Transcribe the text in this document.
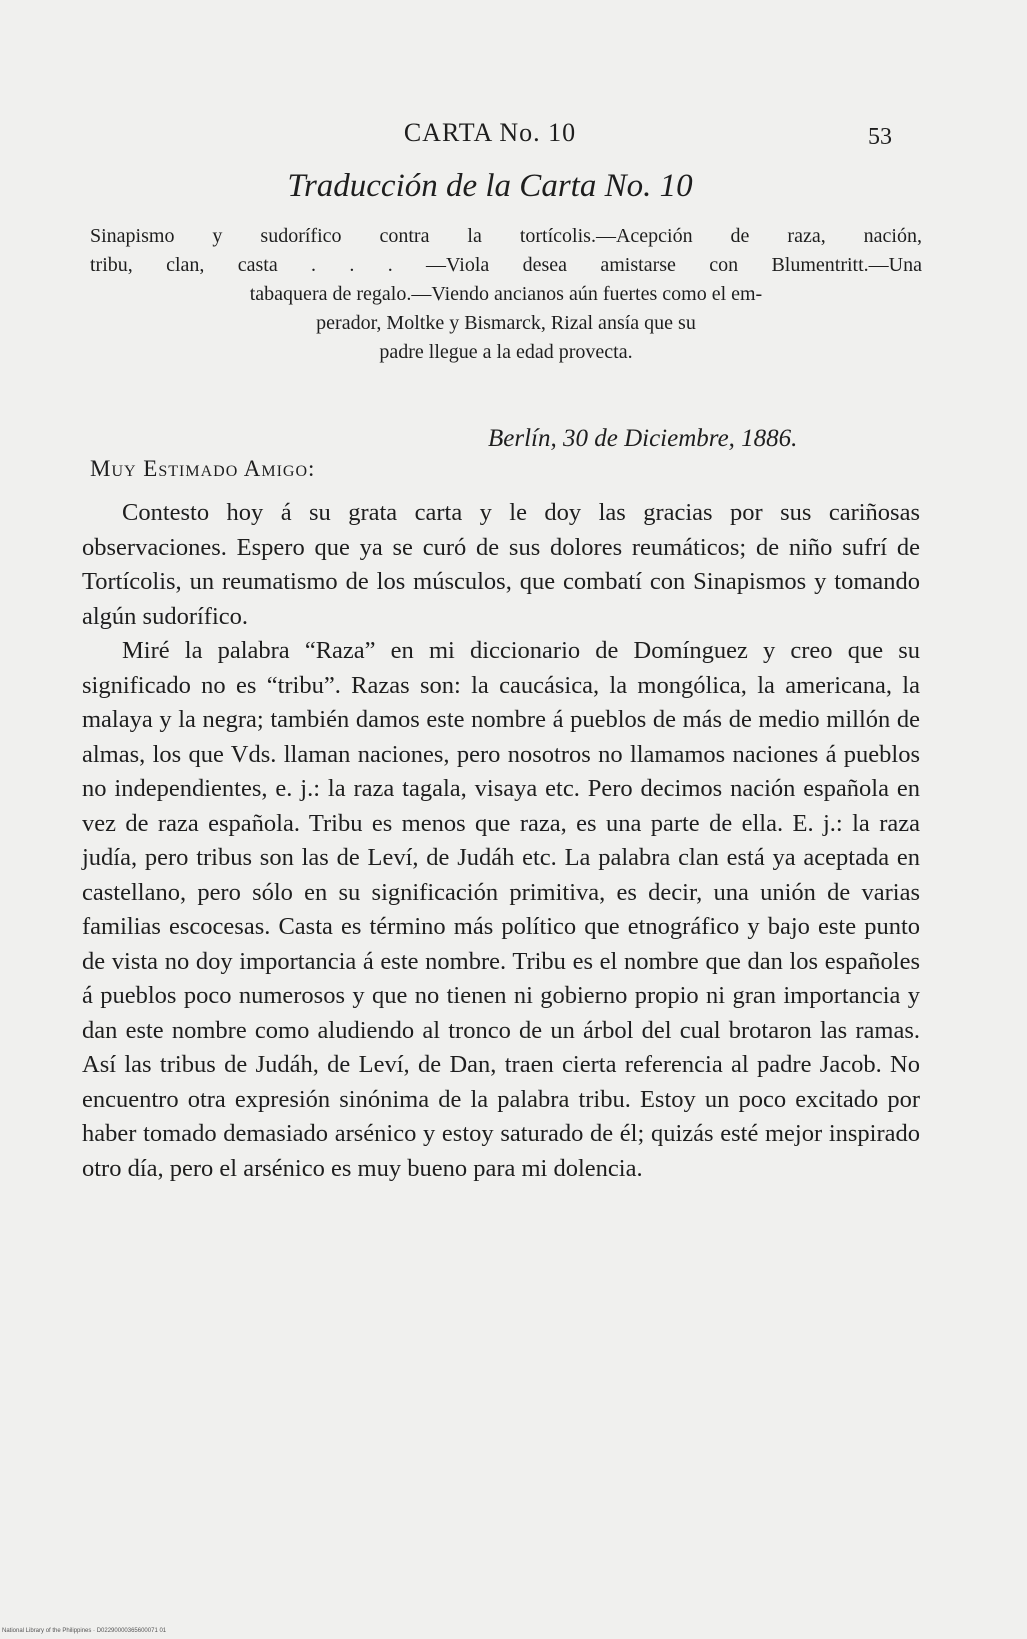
CARTA No. 10	53
Traducción de la Carta No. 10
Sinapismo y sudorífico contra la tortícolis.—Acepción de raza, nación,
tribu, clan, casta . . . —Viola desea amistarse con Blumentritt.—Una
tabaquera de regalo.—Viendo ancianos aún fuertes como el em-
perador, Moltke y Bismarck, Rizal ansía que su
padre llegue a la edad provecta.
Berlín, 30 de Diciembre, 1886.
Muy Estimado Amigo:

Contesto hoy á su grata carta y le doy las gracias por sus cariñosas observaciones. Espero que ya se curó de sus dolores reumáticos; de niño sufrí de Tortícolis, un reumatismo de los músculos, que combatí con Sinapismos y tomando algún sudorífico.

Miré la palabra “Raza” en mi diccionario de Domínguez y creo que su significado no es “tribu”. Razas son: la caucásica, la mongólica, la americana, la malaya y la negra; también damos este nombre á pueblos de más de medio millón de almas, los que Vds. llaman naciones, pero nosotros no llamamos naciones á pueblos no independientes, e. j.: la raza tagala, visaya etc. Pero decimos nación española en vez de raza española. Tribu es menos que raza, es una parte de ella. E. j.: la raza judía, pero tribus son las de Leví, de Judáh etc. La palabra clan está ya aceptada en castellano, pero sólo en su significación primitiva, es decir, una unión de varias familias escocesas. Casta es término más político que etnográfico y bajo este punto de vista no doy importancia á este nombre. Tribu es el nombre que dan los españoles á pueblos poco numerosos y que no tienen ni gobierno propio ni gran importancia y dan este nombre como aludiendo al tronco de un árbol del cual brotaron las ramas. Así las tribus de Judáh, de Leví, de Dan, traen cierta referencia al padre Jacob. No encuentro otra expresión sinónima de la palabra tribu. Estoy un poco excitado por haber tomado demasiado arsénico y estoy saturado de él; quizás esté mejor inspirado otro día, pero el arsénico es muy bueno para mi dolencia.

National Library of the Philippines · D02290000365600071 01
